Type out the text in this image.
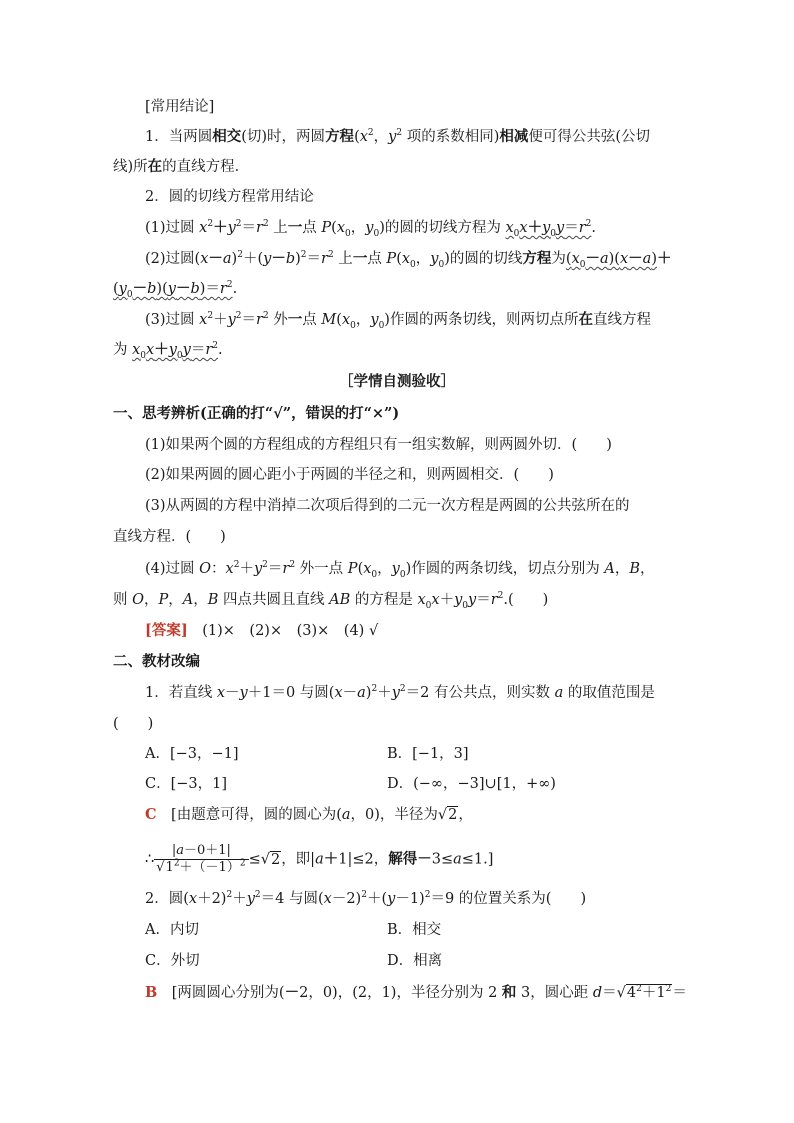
[常用结论]
1．当两圆相交(切)时，两圆方程($x^2$，$y^2$ 项的系数相同)相减便可得公共弦(公切
线)所在的直线方程．
2．圆的切线方程常用结论
(1)过圆 $x^2+y^2=r^2$ 上一点 $P(x_0$，$y_0$)的圆的切线方程为 $x_0x+y_0y=r^2$.
(2)过圆$(x-a)^2+(y-b)^2=r^2$ 上一点 $P(x_0$，$y_0$)的圆的切线方程为$(x_0-a)(x-a)+$
$(y_0-b)(y-b)=r^2$.
(3)过圆 $x^2+y^2=r^2$ 外一点 $M(x_0$，$y_0$)作圆的两条切线，则两切点所在直线方程
为 $x_0x+y_0y=r^2$.
［学情自测验收］
一、思考辨析(正确的打“√”，错误的打“×”)
(1)如果两个圆的方程组成的方程组只有一组实数解，则两圆外切．(　　)
(2)如果两圆的圆心距小于两圆的半径之和，则两圆相交．(　　)
(3)从两圆的方程中消掉二次项后得到的二元一次方程是两圆的公共弦所在的
直线方程．(　　)
(4)过圆 O：$x^2+y^2=r^2$ 外一点 $P(x_0$，$y_0$)作圆的两条切线，切点分别为 A，B，
则 O，P，A，B 四点共圆且直线 AB 的方程是 $x_0x+y_0y=r^2$.(　　)
[答案]　 (1)×　(2)×　(3)×　(4) √
二、教材改编
1．若直线 x－y＋1＝0 与圆$(x-a)^2+y^2=2$ 有公共点，则实数 a 的取值范围是
(　　)
A．[−3，−1]	B．[−1，3]
C．[−3，1]	D．(−∞，−3]∪[1，+∞)
C　[由题意可得，圆的圆心为(a，0)，半径为√2，
∴ $\frac{|a-0+1|}{√1^2+(-1)^2} \le√2$，即|a＋1|≤2，解得－3≤a≤1.]
2．圆$(x+2)^2+y^2=4$ 与圆$(x-2)^2+(y-1)^2=9$ 的位置关系为(　　)
A．内切	B．相交
C．外切	D．相离
B　[两圆圆心分别为(－2，0)，(2，1)，半径分别为 2 和 3，圆心距 $d=√4^2+1^2=$
